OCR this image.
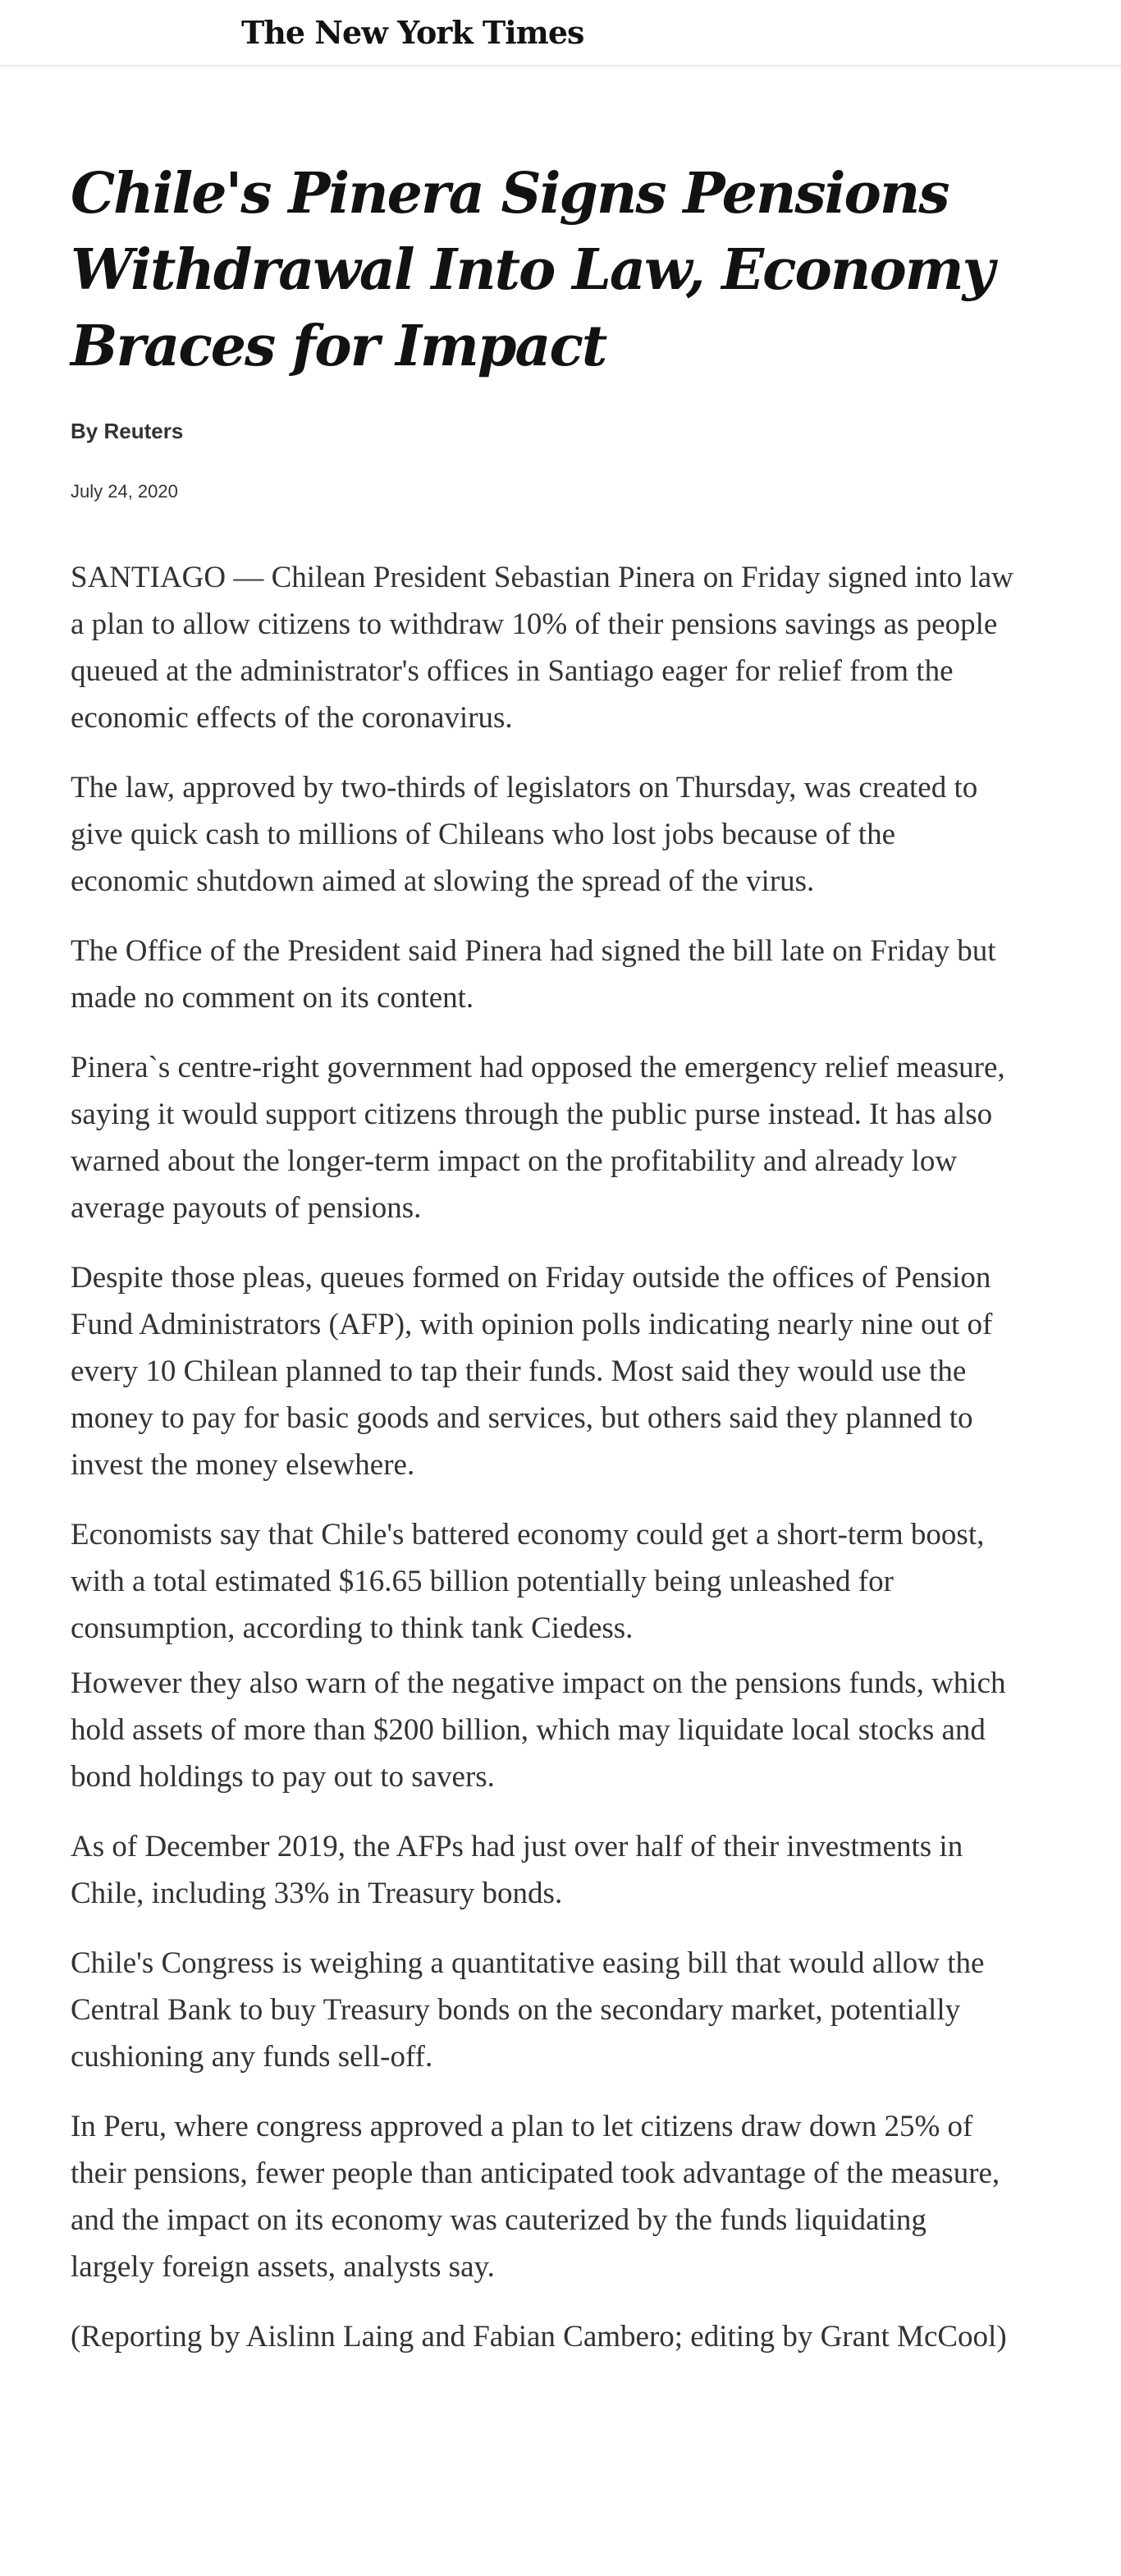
The New York Times
Chile's Pinera Signs Pensions Withdrawal Into Law, Economy Braces for Impact
By Reuters
July 24, 2020

SANTIAGO — Chilean President Sebastian Pinera on Friday signed into law a plan to allow citizens to withdraw 10% of their pensions savings as people queued at the administrator's offices in Santiago eager for relief from the economic effects of the coronavirus.

The law, approved by two-thirds of legislators on Thursday, was created to give quick cash to millions of Chileans who lost jobs because of the economic shutdown aimed at slowing the spread of the virus.

The Office of the President said Pinera had signed the bill late on Friday but made no comment on its content.

Pinera`s centre-right government had opposed the emergency relief measure, saying it would support citizens through the public purse instead. It has also warned about the longer-term impact on the profitability and already low average payouts of pensions.

Despite those pleas, queues formed on Friday outside the offices of Pension Fund Administrators (AFP), with opinion polls indicating nearly nine out of every 10 Chilean planned to tap their funds. Most said they would use the money to pay for basic goods and services, but others said they planned to invest the money elsewhere.

Economists say that Chile's battered economy could get a short-term boost, with a total estimated $16.65 billion potentially being unleashed for consumption, according to think tank Ciedess.

However they also warn of the negative impact on the pensions funds, which hold assets of more than $200 billion, which may liquidate local stocks and bond holdings to pay out to savers.

As of December 2019, the AFPs had just over half of their investments in Chile, including 33% in Treasury bonds.

Chile's Congress is weighing a quantitative easing bill that would allow the Central Bank to buy Treasury bonds on the secondary market, potentially cushioning any funds sell-off.

In Peru, where congress approved a plan to let citizens draw down 25% of their pensions, fewer people than anticipated took advantage of the measure, and the impact on its economy was cauterized by the funds liquidating largely foreign assets, analysts say.

(Reporting by Aislinn Laing and Fabian Cambero; editing by Grant McCool)
